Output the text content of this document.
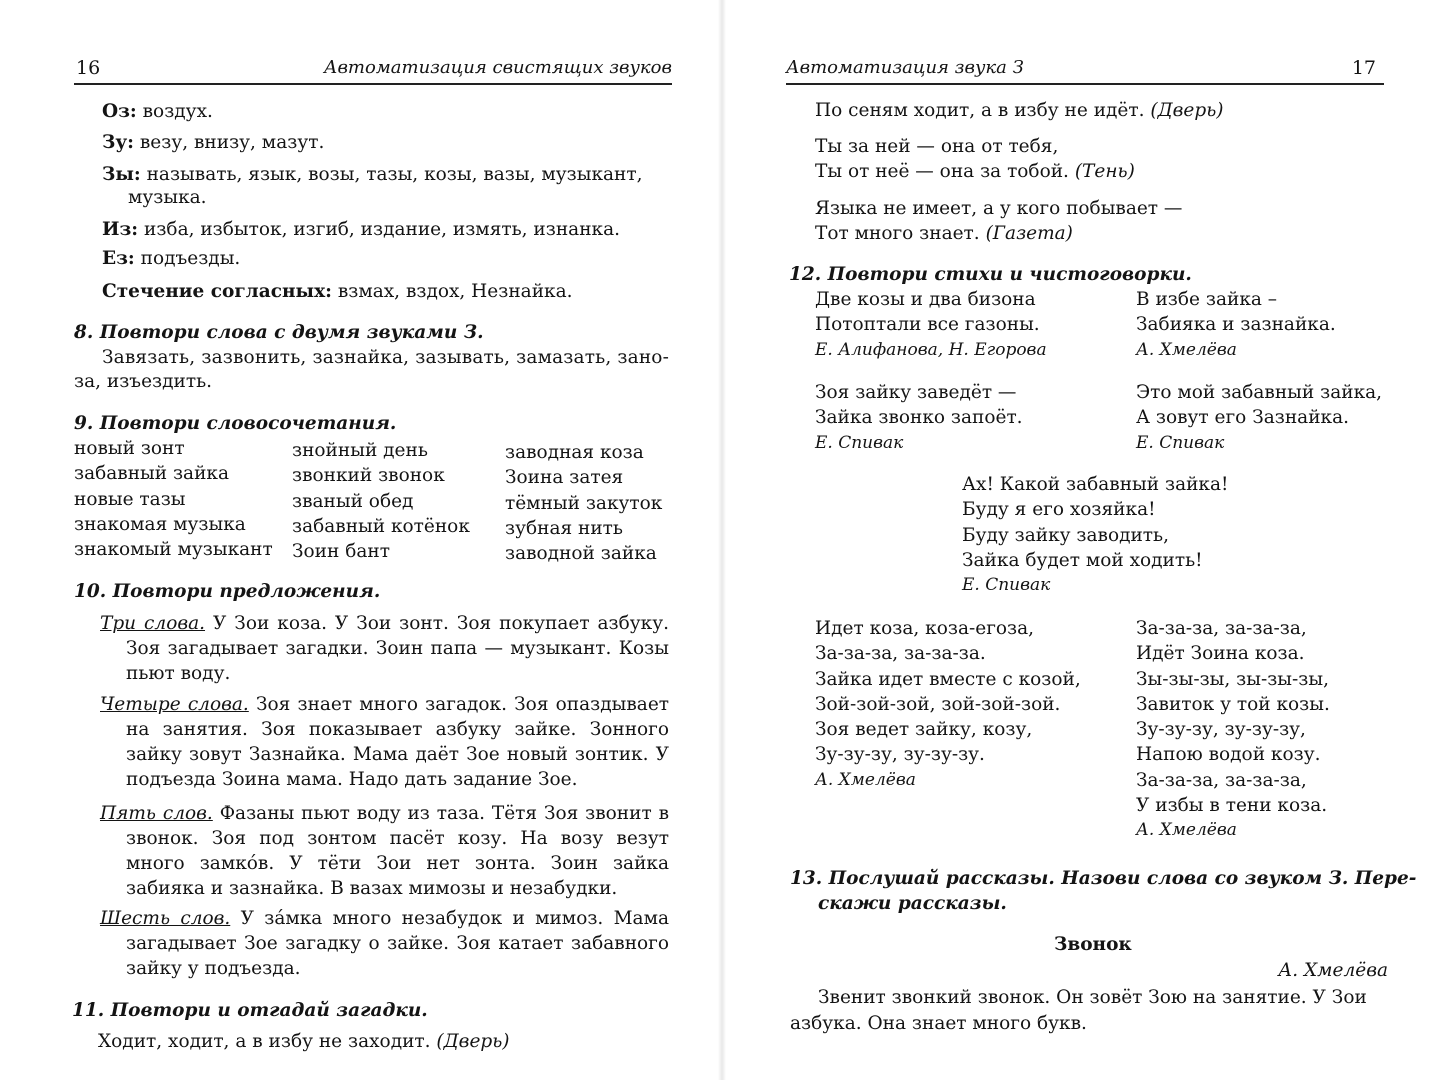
16	Автоматизация свистящих звуков
Оз: воздух.
Зу: везу, внизу, мазут.
Зы: называть, язык, возы, тазы, козы, вазы, музыкант,
музыка.
Из: изба, избыток, изгиб, издание, измять, изнанка.
Ез: подъезды.
Стечение согласных: взмах, вздох, Незнайка.
8. Повтори слова с двумя звуками З.
Завязать, зазвонить, зазнайка, зазывать, замазать, зано-
за, изъездить.
9. Повтори словосочетания.
новый зонт
забавный зайка
новые тазы
знакомая музыка
знакомый музыкант
знойный день
звонкий звонок
званый обед
забавный котёнок
Зоин бант
заводная коза
Зоина затея
тёмный закуток
зубная нить
заводной зайка
10. Повтори предложения.
Три слова. У Зои коза. У Зои зонт. Зоя покупает азбуку. Зоя загадывает загадки. Зоин папа — музыкант. Козы пьют воду.
Четыре слова. Зоя знает много загадок. Зоя опаздывает на занятия. Зоя показывает азбуку зайке. Зонного зайку зовут Зазнайка. Мама даёт Зое новый зонтик. У подъезда Зоина мама. Надо дать задание Зое.
Пять слов. Фазаны пьют воду из таза. Тётя Зоя звонит в звонок. Зоя под зонтом пасёт козу. На возу везут много замко́в. У тёти Зои нет зонта. Зоин зайка забияка и зазнайка. В вазах мимозы и незабудки.
Шесть слов. У за́мка много незабудок и мимоз. Мама загадывает Зое загадку о зайке. Зоя катает забавного зайку у подъезда.
11. Повтори и отгадай загадки.
Ходит, ходит, а в избу не заходит. (Дверь)
Автоматизация звука З	17
По сеням ходит, а в избу не идёт. (Дверь)
Ты за ней — она от тебя,
Ты от неё — она за тобой. (Тень)
Языка не имеет, а у кого побывает —
Тот много знает. (Газета)
12. Повтори стихи и чистоговорки.
Две козы и два бизона
Потоптали все газоны.
Е. Алифанова, Н. Егорова
В избе зайка –
Забияка и зазнайка.
А. Хмелёва
Зоя зайку заведёт —
Зайка звонко запоёт.
Е. Спивак
Это мой забавный зайка,
А зовут его Зазнайка.
Е. Спивак
Ах! Какой забавный зайка!
Буду я его хозяйка!
Буду зайку заводить,
Зайка будет мой ходить!
Е. Спивак
Идет коза, коза-егоза,
За-за-за, за-за-за.
Зайка идет вместе с козой,
Зой-зой-зой, зой-зой-зой.
Зоя ведет зайку, козу,
Зу-зу-зу, зу-зу-зу.
А. Хмелёва
За-за-за, за-за-за,
Идёт Зоина коза.
Зы-зы-зы, зы-зы-зы,
Завиток у той козы.
Зу-зу-зу, зу-зу-зу,
Напою водой козу.
За-за-за, за-за-за,
У избы в тени коза.
А. Хмелёва
13. Послушай рассказы. Назови слова со звуком З. Пере-
скажи рассказы.
Звонок
А. Хмелёва
Звенит звонкий звонок. Он зовёт Зою на занятие. У Зои
азбука. Она знает много букв.
